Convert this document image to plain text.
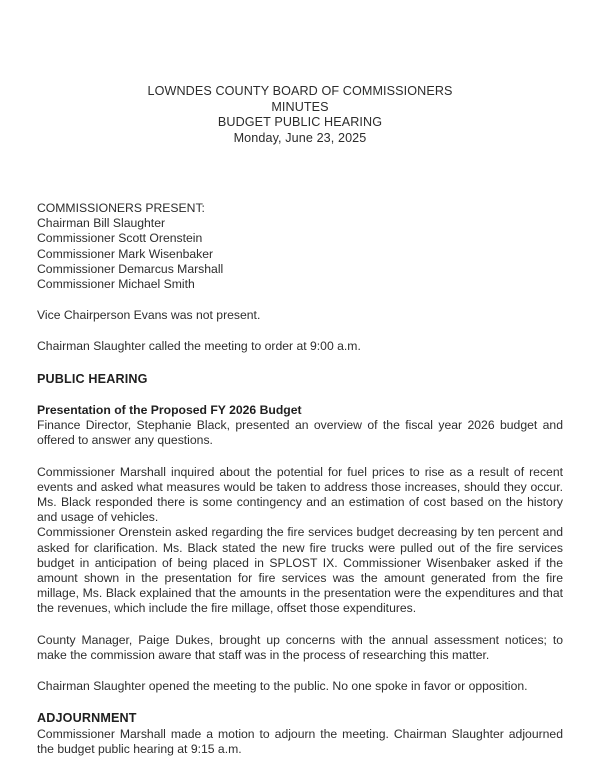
LOWNDES COUNTY BOARD OF COMMISSIONERS
MINUTES
BUDGET PUBLIC HEARING
Monday, June 23, 2025

COMMISSIONERS PRESENT:

Chairman Bill Slaughter

Commissioner Scott Orenstein

Commissioner Mark Wisenbaker

Commissioner Demarcus Marshall

Commissioner Michael Smith

Vice Chairperson Evans was not present.

Chairman Slaughter called the meeting to order at 9:00 a.m.

PUBLIC HEARING

Presentation of the Proposed FY 2026 Budget

Finance Director, Stephanie Black, presented an overview of the fiscal year 2026 budget and offered to answer any questions.

Commissioner Marshall inquired about the potential for fuel prices to rise as a result of recent events and asked what measures would be taken to address those increases, should they occur. Ms. Black responded there is some contingency and an estimation of cost based on the history and usage of vehicles.

Commissioner Orenstein asked regarding the fire services budget decreasing by ten percent and asked for clarification. Ms. Black stated the new fire trucks were pulled out of the fire services budget in anticipation of being placed in SPLOST IX. Commissioner Wisenbaker asked if the amount shown in the presentation for fire services was the amount generated from the fire millage, Ms. Black explained that the amounts in the presentation were the expenditures and that the revenues, which include the fire millage, offset those expenditures.

County Manager, Paige Dukes, brought up concerns with the annual assessment notices; to make the commission aware that staff was in the process of researching this matter.

Chairman Slaughter opened the meeting to the public. No one spoke in favor or opposition.

ADJOURNMENT

Commissioner Marshall made a motion to adjourn the meeting. Chairman Slaughter adjourned the budget public hearing at 9:15 a.m.
